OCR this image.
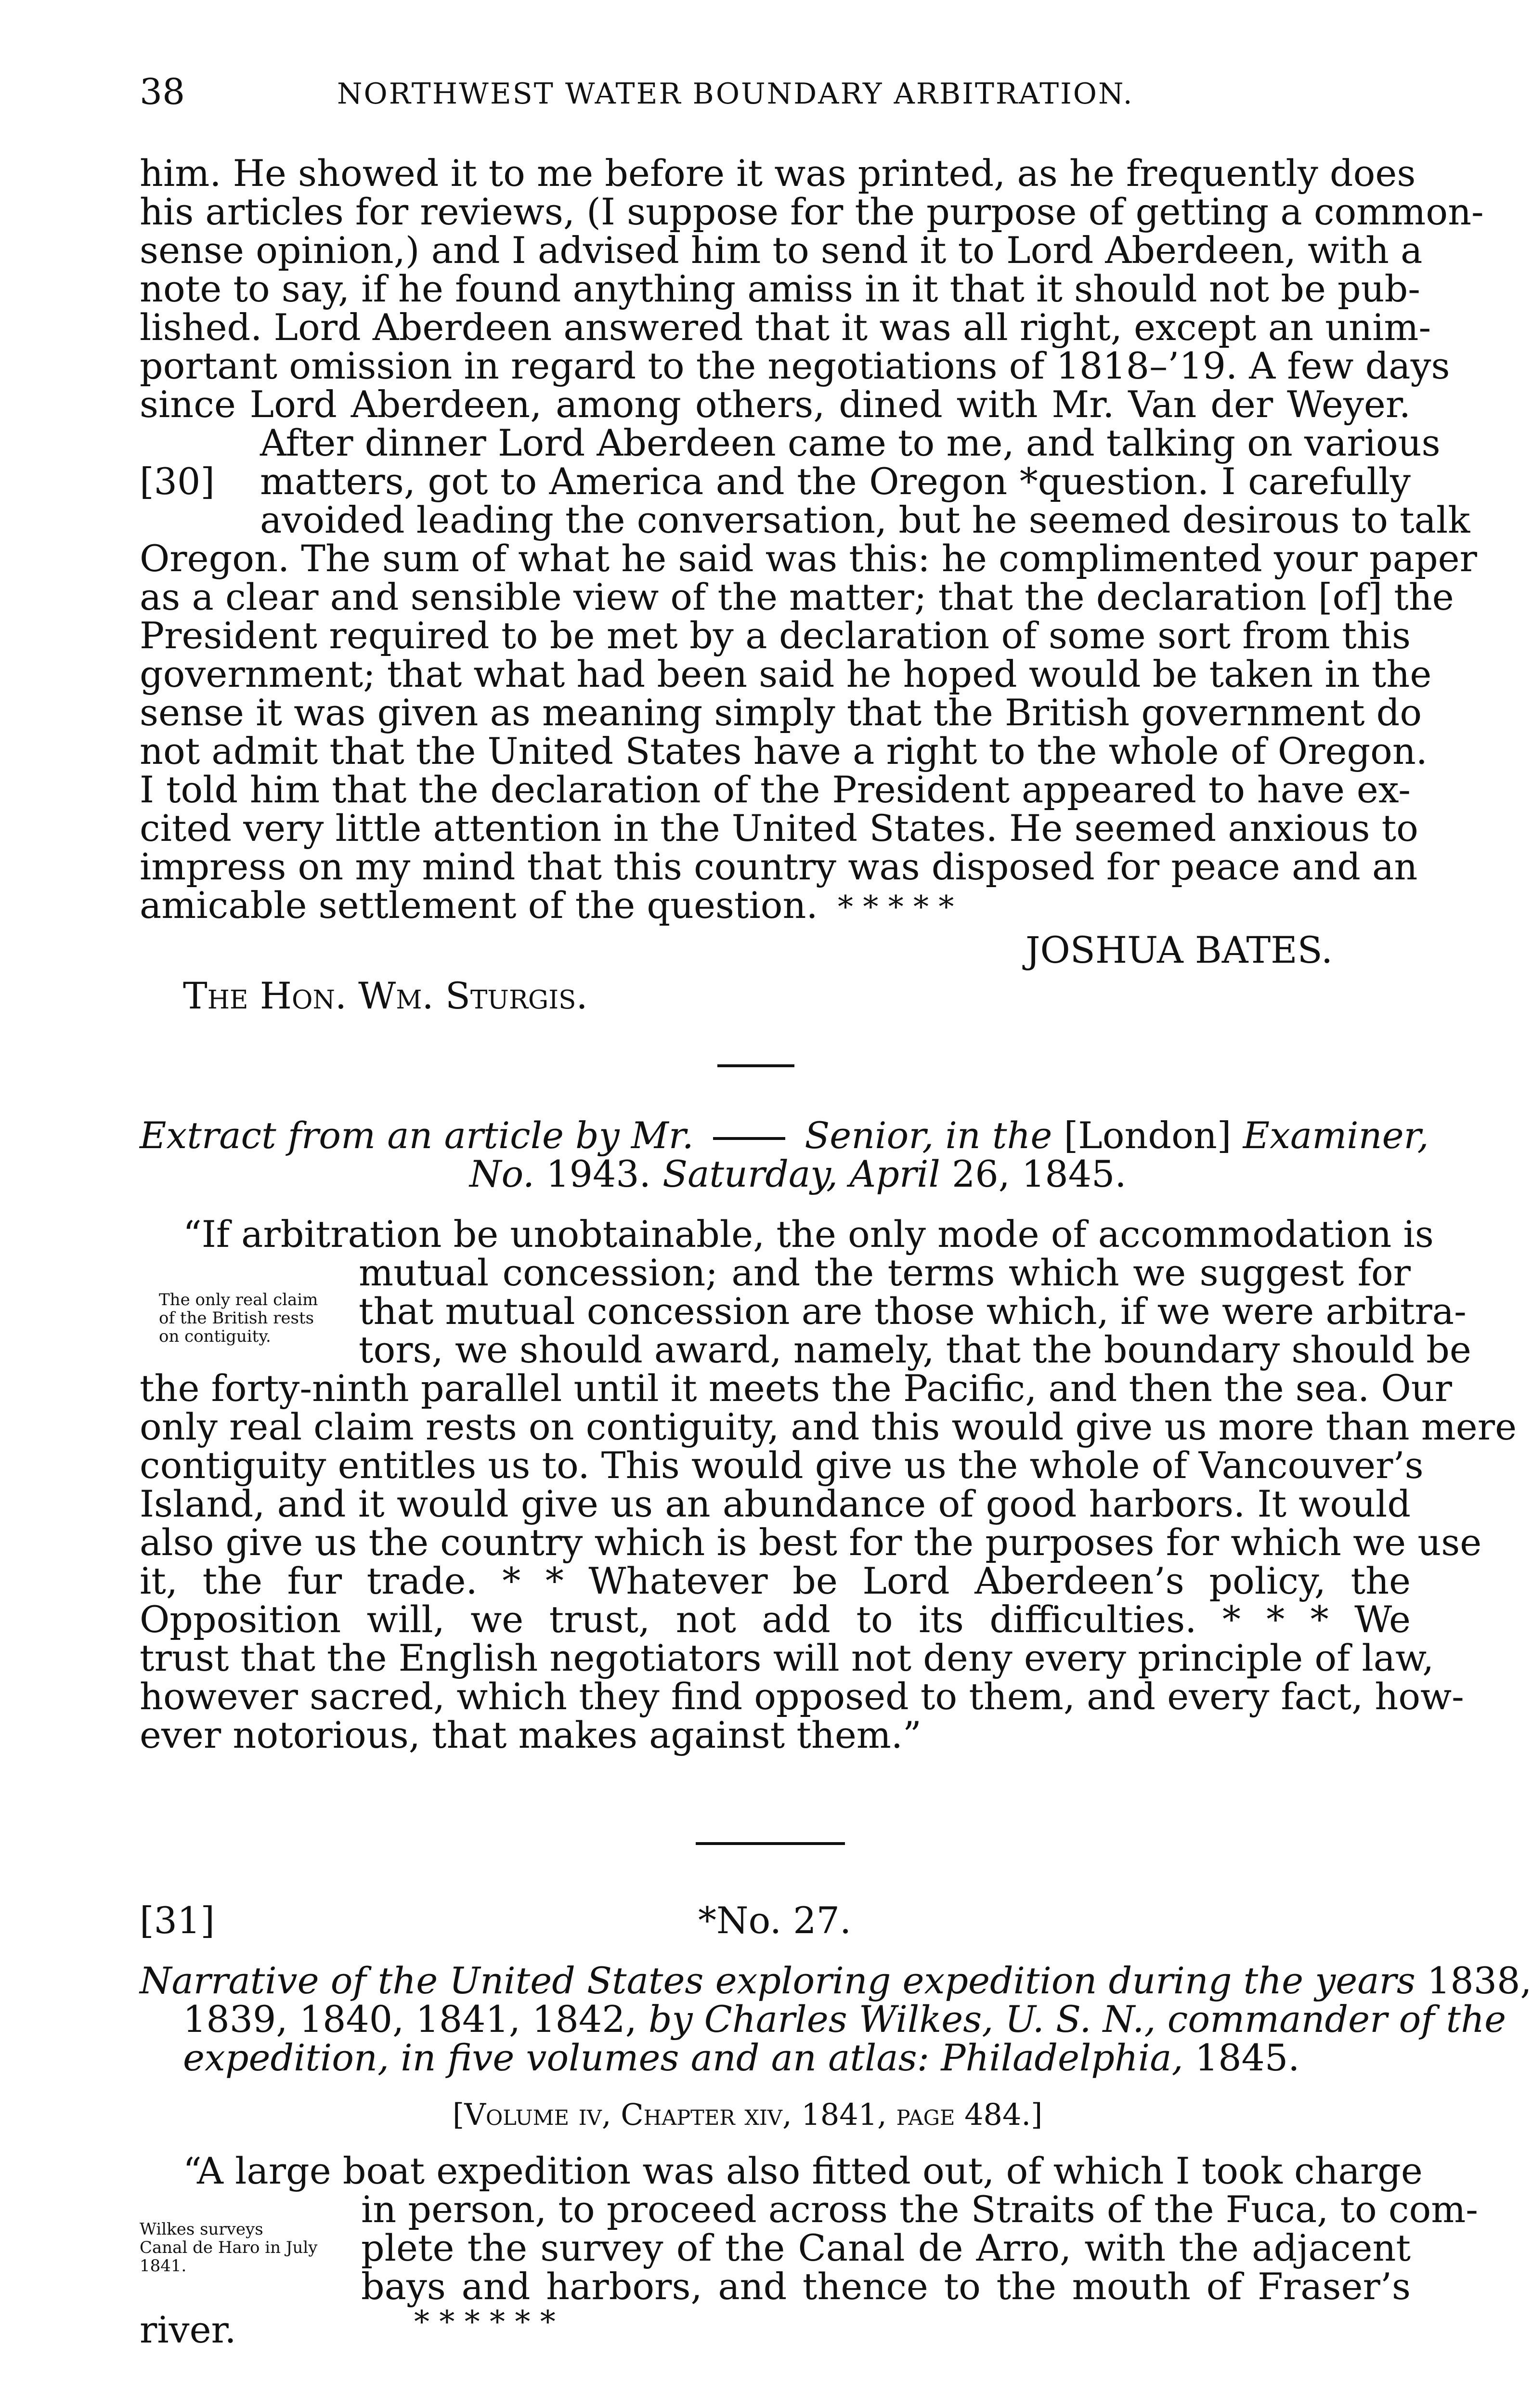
38	NORTHWEST WATER BOUNDARY ARBITRATION.
him. He showed it to me before it was printed, as he frequently does
his articles for reviews, (I suppose for the purpose of getting a common-
sense opinion,) and I advised him to send it to Lord Aberdeen, with a
note to say, if he found anything amiss in it that it should not be pub-
lished. Lord Aberdeen answered that it was all right, except an unim-
portant omission in regard to the negotiations of 1818–’19. A few days
since Lord Aberdeen, among others, dined with Mr. Van der Weyer.
After dinner Lord Aberdeen came to me, and talking on various
[30] matters, got to America and the Oregon *question. I carefully
avoided leading the conversation, but he seemed desirous to talk
Oregon. The sum of what he said was this: he complimented your paper
as a clear and sensible view of the matter; that the declaration [of] the
President required to be met by a declaration of some sort from this
government; that what had been said he hoped would be taken in the
sense it was given as meaning simply that the British government do
not admit that the United States have a right to the whole of Oregon.
I told him that the declaration of the President appeared to have ex-
cited very little attention in the United States. He seemed anxious to
impress on my mind that this country was disposed for peace and an
amicable settlement of the question. * * * * *
JOSHUA BATES.
The Hon. Wm. Sturgis.
Extract from an article by Mr.	Senior, in the [London] Examiner,
No. 1943. Saturday, April 26, 1845.
“If arbitration be unobtainable, the only mode of accommodation is
mutual concession; and the terms which we suggest for
that mutual concession are those which, if we were arbitra-
tors, we should award, namely, that the boundary should be
The only real claim
of the British rests
on contiguity.
the forty-ninth parallel until it meets the Pacific, and then the sea. Our
only real claim rests on contiguity, and this would give us more than mere
contiguity entitles us to. This would give us the whole of Vancouver’s
Island, and it would give us an abundance of good harbors. It would
also give us the country which is best for the purposes for which we use
it, the fur trade. * * Whatever be Lord Aberdeen’s policy, the
Opposition will, we trust, not add to its difficulties. * * * We
trust that the English negotiators will not deny every principle of law,
however sacred, which they find opposed to them, and every fact, how-
ever notorious, that makes against them.”
[31]	*No. 27.
Narrative of the United States exploring expedition during the years 1838,
1839, 1840, 1841, 1842, by Charles Wilkes, U. S. N., commander of the
expedition, in five volumes and an atlas: Philadelphia, 1845.
[Volume iv, Chapter xiv, 1841, page 484.]
“A large boat expedition was also fitted out, of which I took charge
in person, to proceed across the Straits of the Fuca, to com-
plete the survey of the Canal de Arro, with the adjacent
bays and harbors, and thence to the mouth of Fraser’s
Wilkes surveys
Canal de Haro in July
1841.
river.	* * * * * *
